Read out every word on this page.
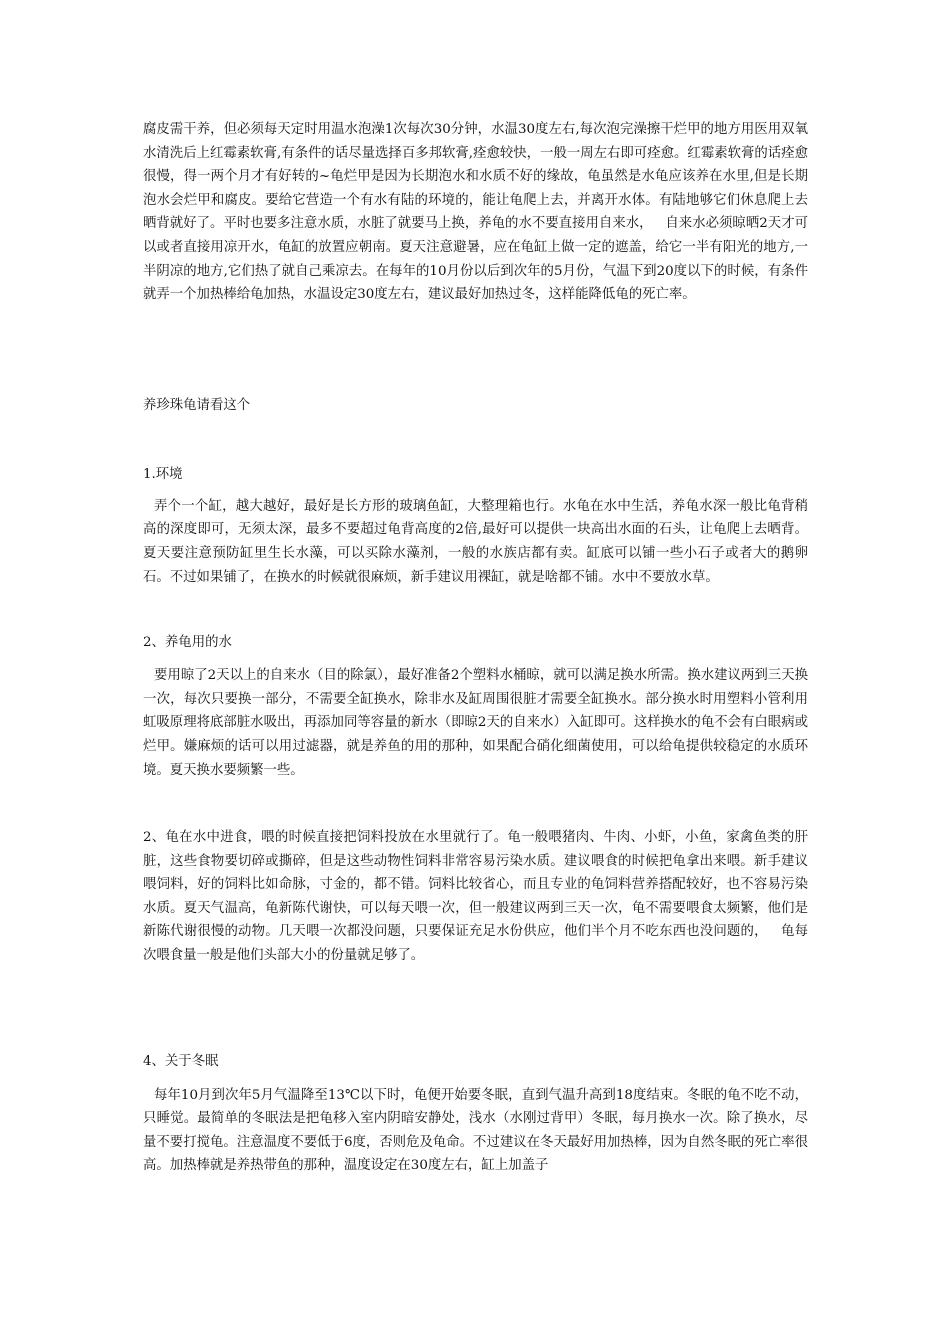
腐皮需干养，但必须每天定时用温水泡澡1次每次30分钟，水温30度左右,每次泡完澡擦干烂甲的地方用医用双氧水清洗后上红霉素软膏,有条件的话尽量选择百多邦软膏,痊愈较快，一般一周左右即可痊愈。红霉素软膏的话痊愈很慢，得一两个月才有好转的~龟烂甲是因为长期泡水和水质不好的缘故，龟虽然是水龟应该养在水里,但是长期泡水会烂甲和腐皮。要给它营造一个有水有陆的环境的，能让龟爬上去，并离开水体。有陆地够它们休息爬上去晒背就好了。平时也要多注意水质，水脏了就要马上换，养龟的水不要直接用自来水，   自来水必须晾晒2天才可以或者直接用凉开水，龟缸的放置应朝南。夏天注意避暑，应在龟缸上做一定的遮盖，给它一半有阳光的地方,一半阴凉的地方,它们热了就自己乘凉去。在每年的10月份以后到次年的5月份，气温下到20度以下的时候，有条件就弄一个加热棒给龟加热，水温设定30度左右，建议最好加热过冬，这样能降低龟的死亡率。

养珍珠龟请看这个

1.环境

弄个一个缸，越大越好，最好是长方形的玻璃鱼缸，大整理箱也行。水龟在水中生活，养龟水深一般比龟背稍高的深度即可，无须太深，最多不要超过龟背高度的2倍,最好可以提供一块高出水面的石头，让龟爬上去晒背。夏天要注意预防缸里生长水藻，可以买除水藻剂，一般的水族店都有卖。缸底可以铺一些小石子或者大的鹅卵石。不过如果铺了，在换水的时候就很麻烦，新手建议用裸缸，就是啥都不铺。水中不要放水草。

2、养龟用的水

要用晾了2天以上的自来水（目的除氯），最好准备2个塑料水桶晾，就可以满足换水所需。换水建议两到三天换一次，每次只要换一部分，不需要全缸换水，除非水及缸周围很脏才需要全缸换水。部分换水时用塑料小管利用虹吸原理将底部脏水吸出，再添加同等容量的新水（即晾2天的自来水）入缸即可。这样换水的龟不会有白眼病或烂甲。嫌麻烦的话可以用过滤器，就是养鱼的用的那种，如果配合硝化细菌使用，可以给龟提供较稳定的水质环境。夏天换水要频繁一些。

2、龟在水中进食，喂的时候直接把饲料投放在水里就行了。龟一般喂猪肉、牛肉、小虾，小鱼，家禽鱼类的肝脏，这些食物要切碎或撕碎，但是这些动物性饲料非常容易污染水质。建议喂食的时候把龟拿出来喂。新手建议喂饲料，好的饲料比如命脉，寸金的，都不错。饲料比较省心，而且专业的龟饲料营养搭配较好，也不容易污染水质。夏天气温高，龟新陈代谢快，可以每天喂一次，但一般建议两到三天一次，龟不需要喂食太频繁，他们是新陈代谢很慢的动物。几天喂一次都没问题，只要保证充足水份供应，他们半个月不吃东西也没问题的，   龟每次喂食量一般是他们头部大小的份量就足够了。

4、关于冬眠

每年10月到次年5月气温降至13℃以下时，龟便开始要冬眠，直到气温升高到18度结束。冬眠的龟不吃不动，只睡觉。最简单的冬眠法是把龟移入室内阴暗安静处，浅水（水刚过背甲）冬眠，每月换水一次。除了换水，尽量不要打搅龟。注意温度不要低于6度，否则危及龟命。不过建议在冬天最好用加热棒，因为自然冬眠的死亡率很高。加热棒就是养热带鱼的那种，温度设定在30度左右，缸上加盖子
